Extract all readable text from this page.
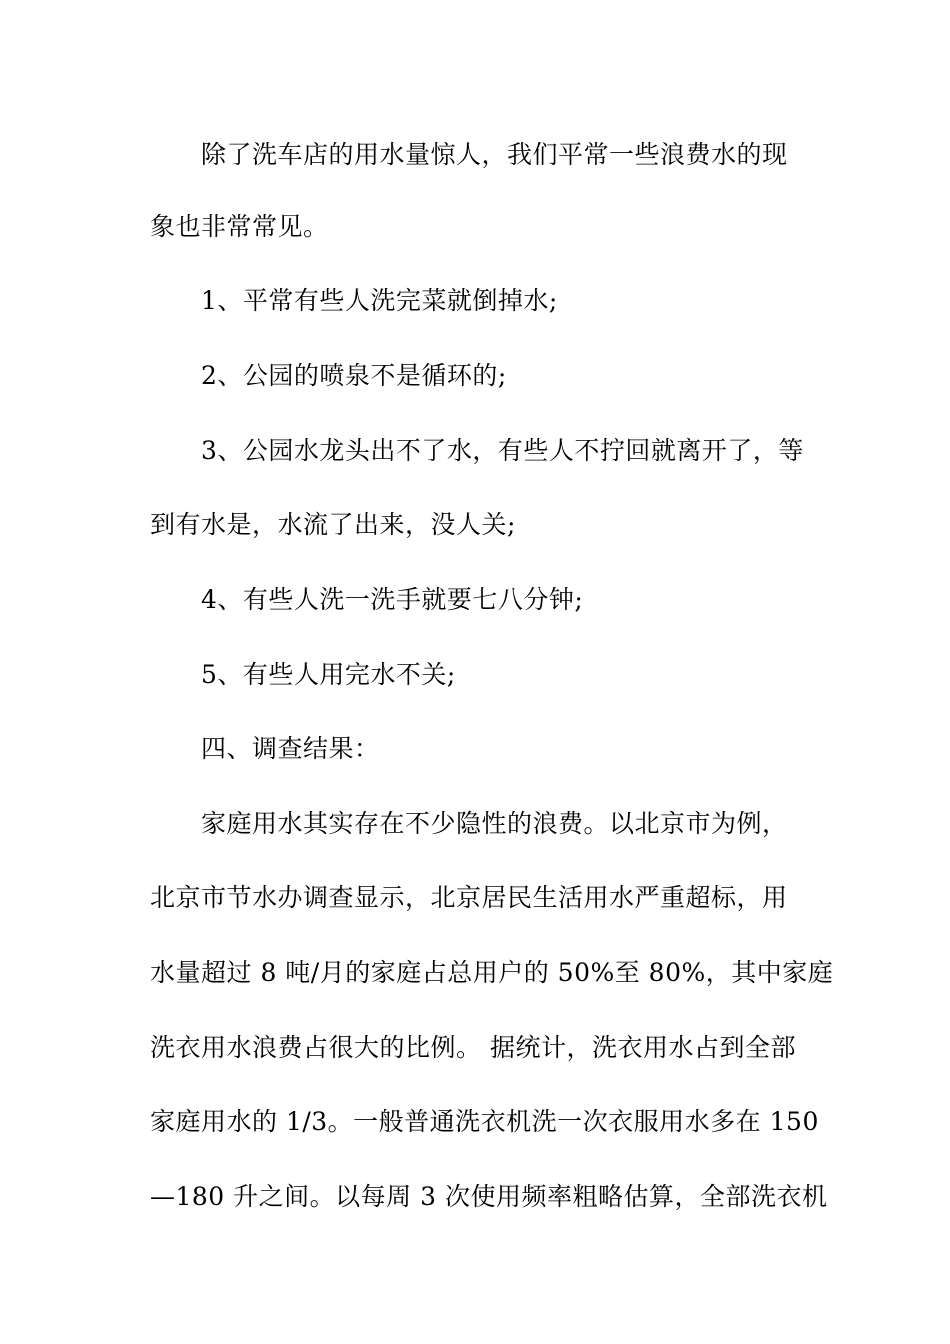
除了洗车店的用水量惊人，我们平常一些浪费水的现
象也非常常见。
1、平常有些人洗完菜就倒掉水;
2、公园的喷泉不是循环的;
3、公园水龙头出不了水，有些人不拧回就离开了，等
到有水是，水流了出来，没人关;
4、有些人洗一洗手就要七八分钟;
5、有些人用完水不关;
四、调查结果：
家庭用水其实存在不少隐性的浪费。以北京市为例，
北京市节水办调查显示，北京居民生活用水严重超标，用
水量超过 8 吨/月的家庭占总用户的 50%至 80%，其中家庭
洗衣用水浪费占很大的比例。 据统计，洗衣用水占到全部
家庭用水的 1/3。一般普通洗衣机洗一次衣服用水多在 150
—180 升之间。以每周 3 次使用频率粗略估算，全部洗衣机
